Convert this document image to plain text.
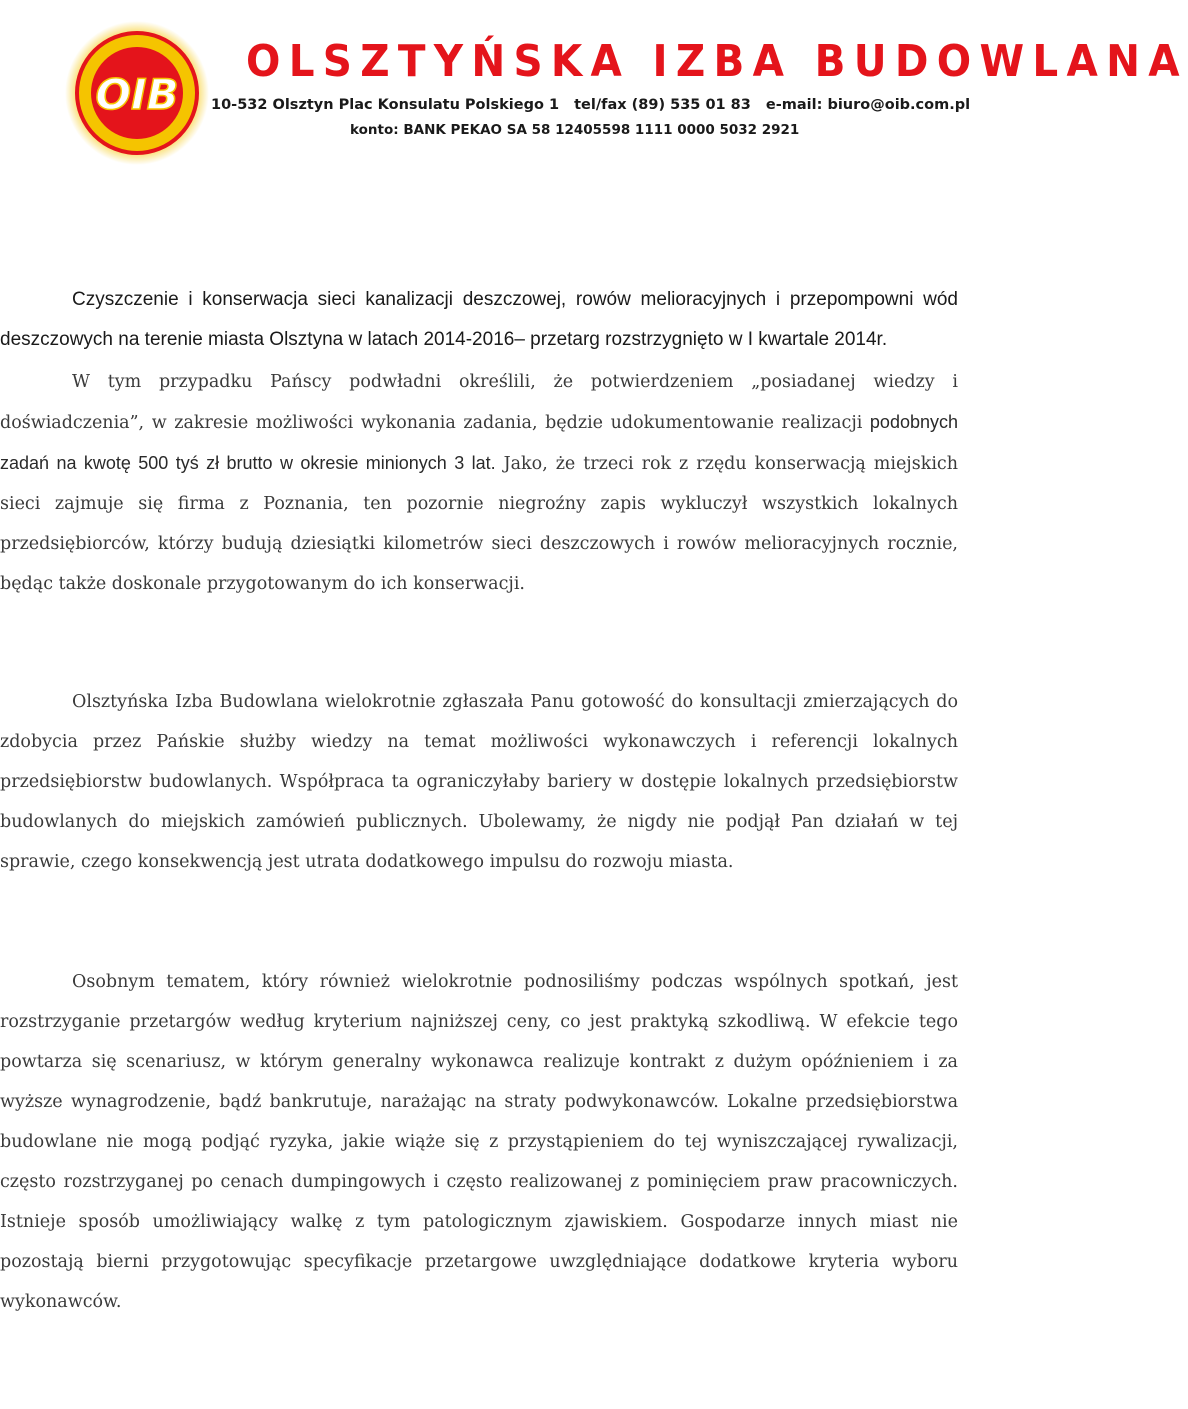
OIB
OLSZTYŃSKA IZBA BUDOWLANA
10-532 Olsztyn Plac Konsulatu Polskiego 1 tel/fax (89) 535 01 83 e-mail: biuro@oib.com.pl
konto: BANK PEKAO SA 58 12405598 1111 0000 5032 2921

Czyszczenie i konserwacja sieci kanalizacji deszczowej, rowów melioracyjnych i przepompowni wód deszczowych na terenie miasta Olsztyna w latach 2014-2016– przetarg rozstrzygnięto w I kwartale 2014r.

W tym przypadku Pańscy podwładni określili, że potwierdzeniem „posiadanej wiedzy i doświadczenia”, w zakresie możliwości wykonania zadania, będzie udokumentowanie realizacji podobnych zadań na kwotę 500 tyś zł brutto w okresie minionych 3 lat. Jako, że trzeci rok z rzędu konserwacją miejskich sieci zajmuje się firma z Poznania, ten pozornie niegroźny zapis wykluczył wszystkich lokalnych przedsiębiorców, którzy budują dziesiątki kilometrów sieci deszczowych i rowów melioracyjnych rocznie, będąc także doskonale przygotowanym do ich konserwacji.

Olsztyńska Izba Budowlana wielokrotnie zgłaszała Panu gotowość do konsultacji zmierzających do zdobycia przez Pańskie służby wiedzy na temat możliwości wykonawczych i referencji lokalnych przedsiębiorstw budowlanych. Współpraca ta ograniczyłaby bariery w dostępie lokalnych przedsiębiorstw budowlanych do miejskich zamówień publicznych. Ubolewamy, że nigdy nie podjął Pan działań w tej sprawie, czego konsekwencją jest utrata dodatkowego impulsu do rozwoju miasta.

Osobnym tematem, który również wielokrotnie podnosiliśmy podczas wspólnych spotkań, jest rozstrzyganie przetargów według kryterium najniższej ceny, co jest praktyką szkodliwą. W efekcie tego powtarza się scenariusz, w którym generalny wykonawca realizuje kontrakt z dużym opóźnieniem i za wyższe wynagrodzenie, bądź bankrutuje, narażając na straty podwykonawców. Lokalne przedsiębiorstwa budowlane nie mogą podjąć ryzyka, jakie wiąże się z przystąpieniem do tej wyniszczającej rywalizacji, często rozstrzyganej po cenach dumpingowych i często realizowanej z pominięciem praw pracowniczych. Istnieje sposób umożliwiający walkę z tym patologicznym zjawiskiem. Gospodarze innych miast nie pozostają bierni przygotowując specyfikacje przetargowe uwzględniające dodatkowe kryteria wyboru wykonawców.
